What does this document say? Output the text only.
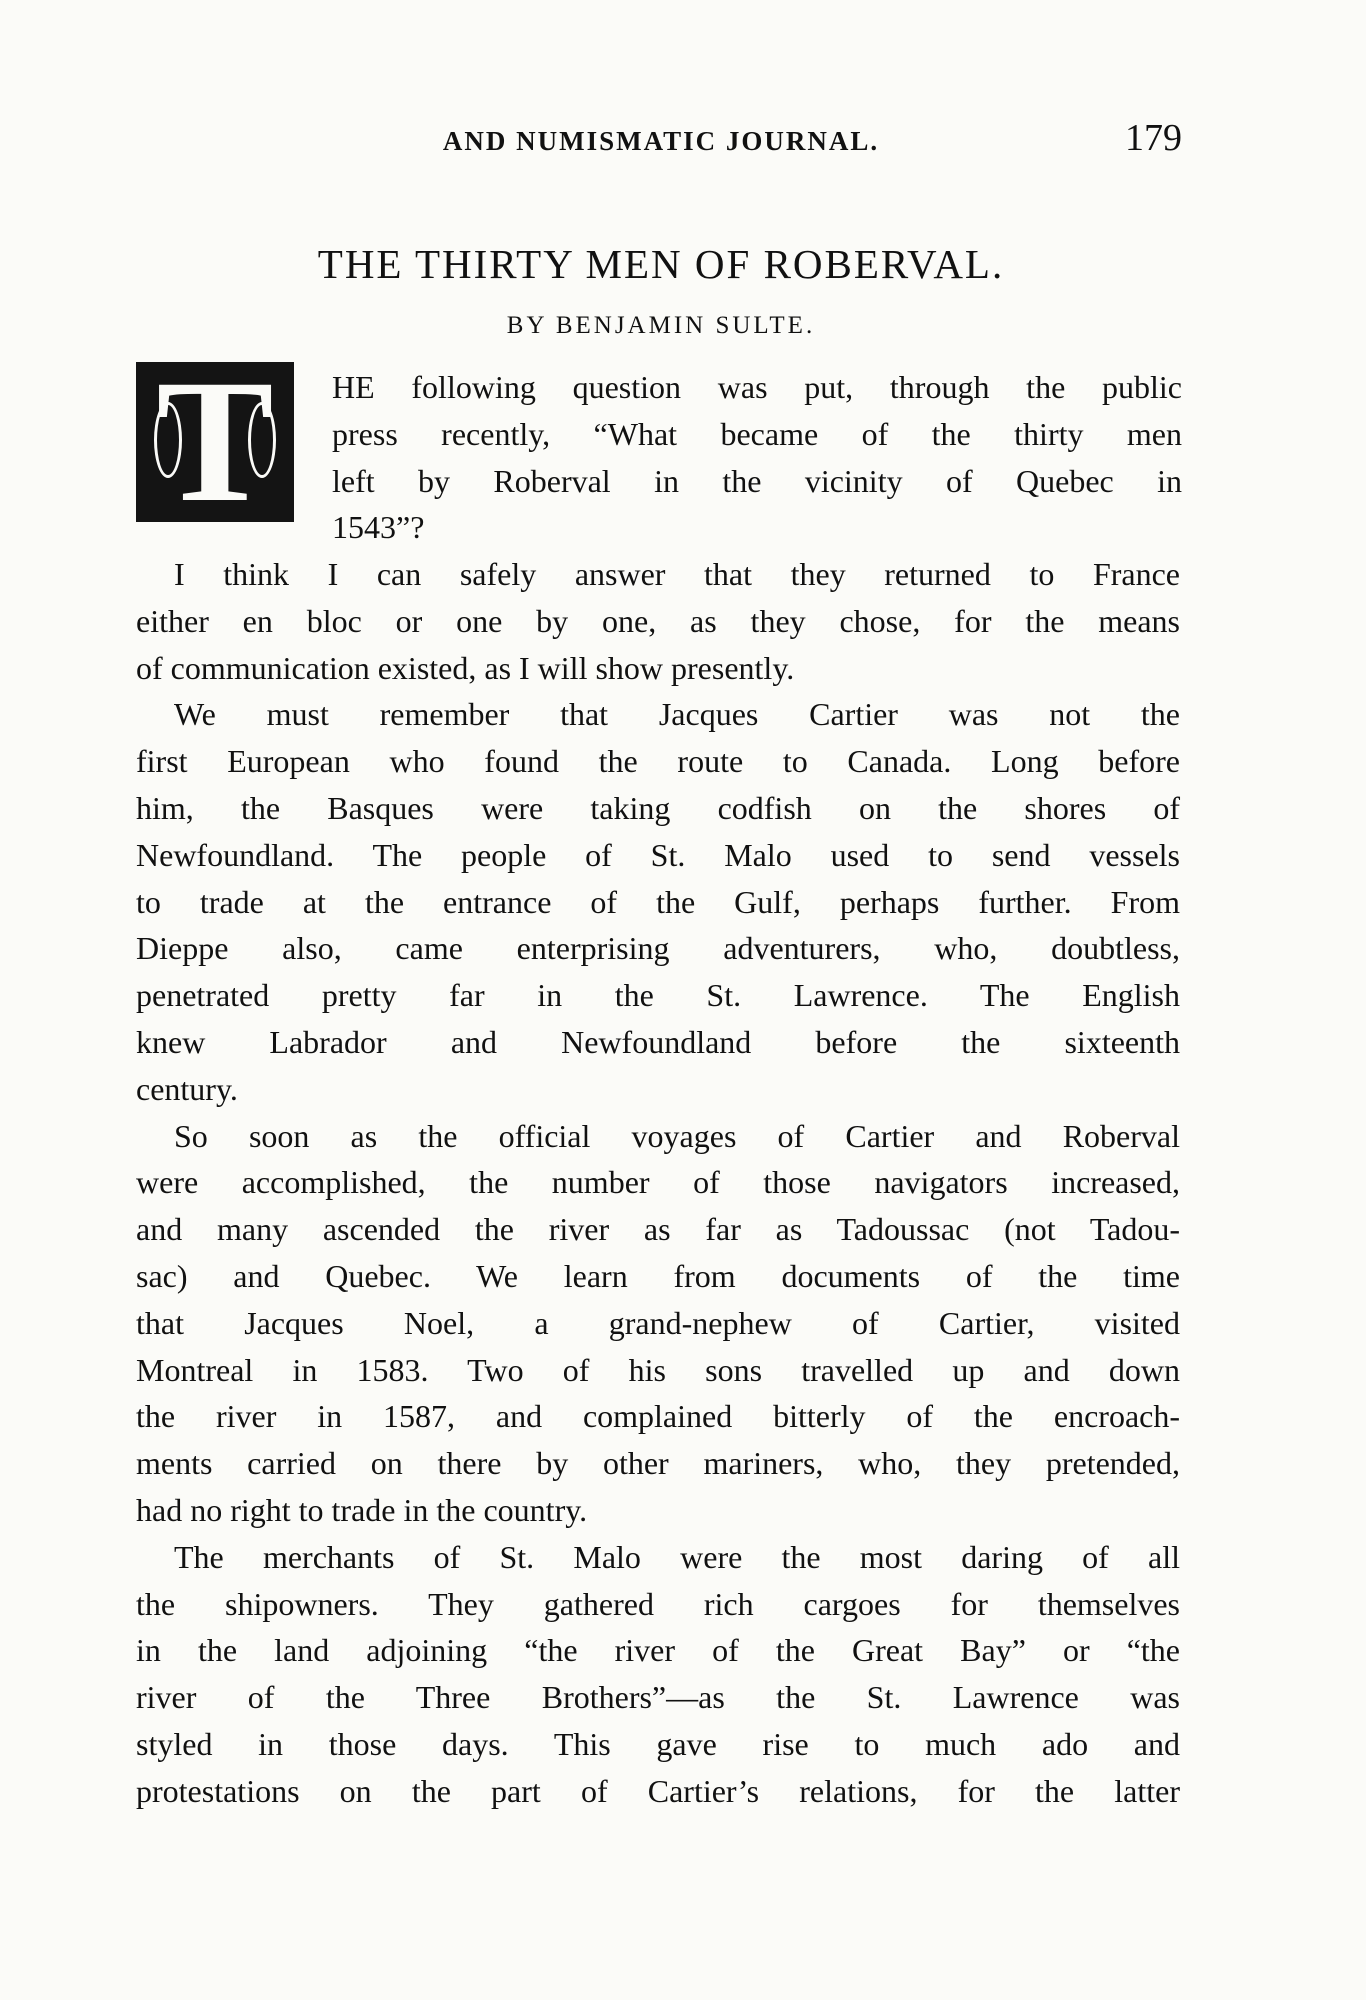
AND NUMISMATIC JOURNAL.	179
THE THIRTY MEN OF ROBERVAL.
BY BENJAMIN SULTE.
T	HE following question was put, through the public
press recently, “What became of the thirty men
left by Roberval in the vicinity of Quebec in
1543”?
I think I can safely answer that they returned to France
either en bloc or one by one, as they chose, for the means
of communication existed, as I will show presently.
We must remember that Jacques Cartier was not the
first European who found the route to Canada. Long before
him, the Basques were taking codfish on the shores of
Newfoundland. The people of St. Malo used to send vessels
to trade at the entrance of the Gulf, perhaps further. From
Dieppe also, came enterprising adventurers, who, doubtless,
penetrated pretty far in the St. Lawrence. The English
knew Labrador and Newfoundland before the sixteenth
century.
So soon as the official voyages of Cartier and Roberval
were accomplished, the number of those navigators increased,
and many ascended the river as far as Tadoussac (not Tadou-
sac) and Quebec. We learn from documents of the time
that Jacques Noel, a grand-nephew of Cartier, visited
Montreal in 1583. Two of his sons travelled up and down
the river in 1587, and complained bitterly of the encroach-
ments carried on there by other mariners, who, they pretended,
had no right to trade in the country.
The merchants of St. Malo were the most daring of all
the shipowners. They gathered rich cargoes for themselves
in the land adjoining “the river of the Great Bay” or “the
river of the Three Brothers”—as the St. Lawrence was
styled in those days. This gave rise to much ado and
protestations on the part of Cartier’s relations, for the latter
